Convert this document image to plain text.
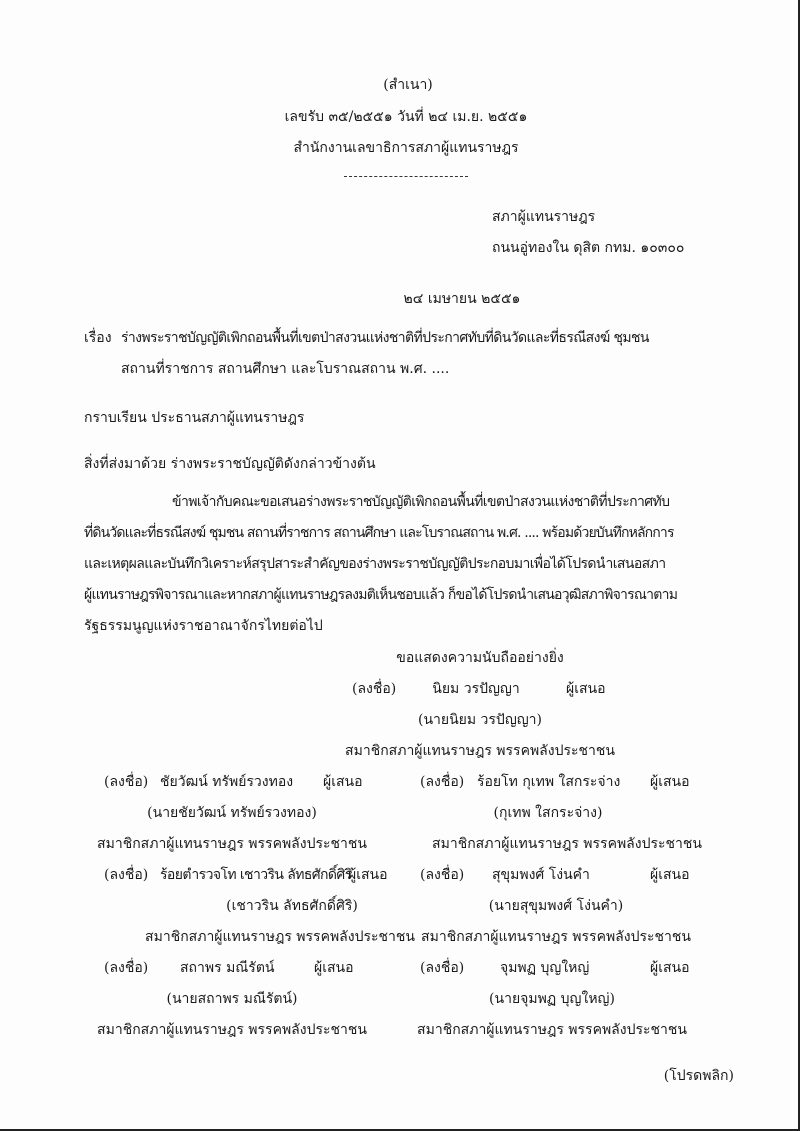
(สำเนา)
เลขรับ ๓๕/๒๕๕๑ วันที่ ๒๔ เม.ย. ๒๕๕๑
สำนักงานเลขาธิการสภาผู้แทนราษฎร
สภาผู้แทนราษฎร
ถนนอู่ทองใน ดุสิต กทม. ๑๐๓๐๐
๒๔ เมษายน ๒๕๕๑
เรื่อง ร่างพระราชบัญญัติเพิกถอนพื้นที่เขตป่าสงวนแห่งชาติที่ประกาศทับที่ดินวัดและที่ธรณีสงฆ์ ชุมชน
สถานที่ราชการ สถานศึกษา และโบราณสถาน พ.ศ. ....
กราบเรียน ประธานสภาผู้แทนราษฎร
สิ่งที่ส่งมาด้วย ร่างพระราชบัญญัติดังกล่าวข้างต้น
ข้าพเจ้ากับคณะขอเสนอร่างพระราชบัญญัติเพิกถอนพื้นที่เขตป่าสงวนแห่งชาติที่ประกาศทับ
ที่ดินวัดและที่ธรณีสงฆ์ ชุมชน สถานที่ราชการ สถานศึกษา และโบราณสถาน พ.ศ. .... พร้อมด้วยบันทึกหลักการ
และเหตุผลและบันทึกวิเคราะห์สรุปสาระสำคัญของร่างพระราชบัญญัติประกอบมาเพื่อได้โปรดนำเสนอสภา
ผู้แทนราษฎรพิจารณาและหากสภาผู้แทนราษฎรลงมติเห็นชอบแล้ว ก็ขอได้โปรดนำเสนอวุฒิสภาพิจารณาตาม
รัฐธรรมนูญแห่งราชอาณาจักรไทยต่อไป
ขอแสดงความนับถืออย่างยิ่ง
(ลงชื่อ)	นิยม วรปัญญา	ผู้เสนอ
(นายนิยม วรปัญญา)
สมาชิกสภาผู้แทนราษฎร พรรคพลังประชาชน
(ลงชื่อ) ชัยวัฒน์ ทรัพย์รวงทอง ผู้เสนอ
(นายชัยวัฒน์ ทรัพย์รวงทอง)
สมาชิกสภาผู้แทนราษฎร พรรคพลังประชาชน
(ลงชื่อ) ร้อยโท กุเทพ ใสกระจ่าง ผู้เสนอ
(กุเทพ ใสกระจ่าง)
สมาชิกสภาผู้แทนราษฎร พรรคพลังประชาชน
(ลงชื่อ) ร้อยตำรวจโท เชาวริน ลัทธศักดิ์ศิริ
ผู้เสนอ
(เชาวริน ลัทธศักดิ์ศิริ)
สมาชิกสภาผู้แทนราษฎร พรรคพลังประชาชน
(ลงชื่อ) สุขุมพงศ์ โง่นคำ	ผู้เสนอ
(นายสุขุมพงศ์ โง่นคำ)
สมาชิกสภาผู้แทนราษฎร พรรคพลังประชาชน
(ลงชื่อ) สถาพร มณีรัตน์	ผู้เสนอ
(นายสถาพร มณีรัตน์)
สมาชิกสภาผู้แทนราษฎร พรรคพลังประชาชน
(ลงชื่อ)	จุมพฏ บุญใหญ่	ผู้เสนอ
(นายจุมพฏ บุญใหญ่)
สมาชิกสภาผู้แทนราษฎร พรรคพลังประชาชน
(โปรดพลิก)
